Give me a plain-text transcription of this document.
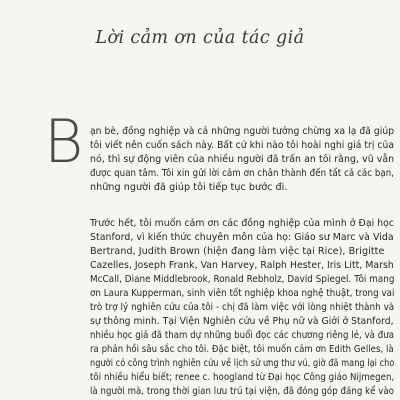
Lời cảm ơn của tác giả
B ạn bè, đồng nghiệp và cả những người tưởng chừng xa lạ đã giúp
tôi viết nên cuốn sách này. Bất cứ khi nào tôi hoài nghi giá trị của
nó, thì sự động viên của nhiều người đã trấn an tôi rằng, vũ vẫn
được quan tâm. Tôi xin gửi lời cảm ơn chân thành đến tất cả các bạn,
những người đã giúp tôi tiếp tục bước đi.
Trước hết, tôi muốn cảm ơn các đồng nghiệp của mình ở Đại học
Stanford, vì kiến thức chuyên môn của họ: Giáo sư Marc và Vida
Bertrand, Judith Brown (hiện đang làm việc tại Rice), Brigitte
Cazelles, Joseph Frank, Van Harvey, Ralph Hester, Iris Litt, Marsh
McCall, Diane Middlebrook, Ronald Rebholz, David Spiegel. Tôi mang
ơn Laura Kupperman, sinh viên tốt nghiệp khoa nghệ thuật, trong vai
trò trợ lý nghiên cứu của tôi - chị đã làm việc với lòng nhiệt thành và
sự thông minh. Tại Viện Nghiên cứu về Phụ nữ và Giới ở Stanford,
nhiều học giả đã tham dự những buổi đọc các chương riêng lẻ, và đưa
ra phản hồi sâu sắc cho tôi. Đặc biệt, tôi muốn cảm ơn Edith Gelles, là
người có công trình nghiên cứu về lịch sử ưng thư vú, giờ đã mang lại cho
tôi nhiều hiểu biết; renee c. hoogland từ Đại học Công giáo Nijmegen,
là người mà, trong thời gian lưu trú tại viện, đã đóng góp đáng kể vào
